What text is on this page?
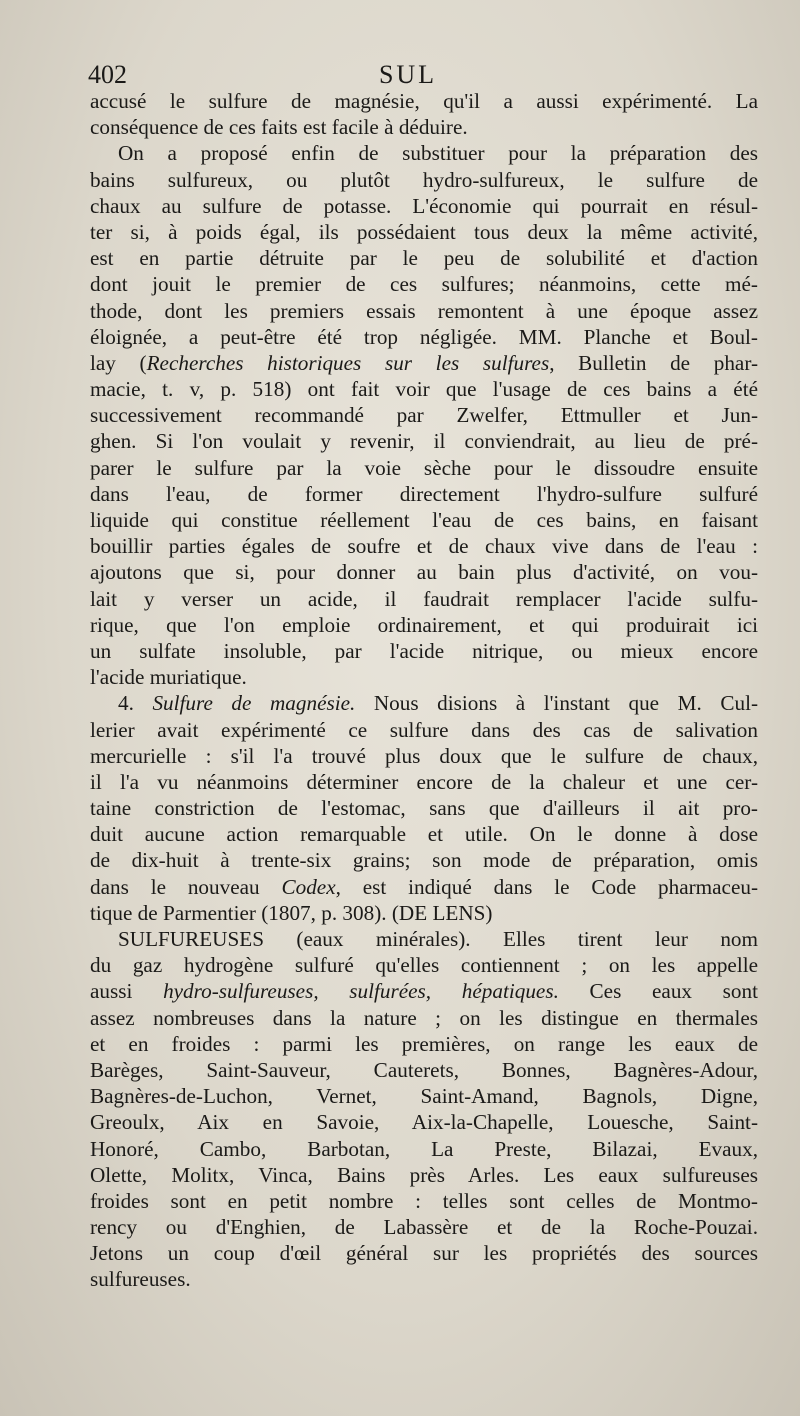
402	SUL
accusé le sulfure de magnésie, qu'il a aussi expérimenté. La
conséquence de ces faits est facile à déduire.
On a proposé enfin de substituer pour la préparation des
bains sulfureux, ou plutôt hydro-sulfureux, le sulfure de
chaux au sulfure de potasse. L'économie qui pourrait en résul-
ter si, à poids égal, ils possédaient tous deux la même activité,
est en partie détruite par le peu de solubilité et d'action
dont jouit le premier de ces sulfures; néanmoins, cette mé-
thode, dont les premiers essais remontent à une époque assez
éloignée, a peut-être été trop négligée. MM. Planche et Boul-
lay (Recherches historiques sur les sulfures, Bulletin de phar-
macie, t. v, p. 518) ont fait voir que l'usage de ces bains a été
successivement recommandé par Zwelfer, Ettmuller et Jun-
ghen. Si l'on voulait y revenir, il conviendrait, au lieu de pré-
parer le sulfure par la voie sèche pour le dissoudre ensuite
dans l'eau, de former directement l'hydro-sulfure sulfuré
liquide qui constitue réellement l'eau de ces bains, en faisant
bouillir parties égales de soufre et de chaux vive dans de l'eau :
ajoutons que si, pour donner au bain plus d'activité, on vou-
lait y verser un acide, il faudrait remplacer l'acide sulfu-
rique, que l'on emploie ordinairement, et qui produirait ici
un sulfate insoluble, par l'acide nitrique, ou mieux encore
l'acide muriatique.
4. Sulfure de magnésie. Nous disions à l'instant que M. Cul-
lerier avait expérimenté ce sulfure dans des cas de salivation
mercurielle : s'il l'a trouvé plus doux que le sulfure de chaux,
il l'a vu néanmoins déterminer encore de la chaleur et une cer-
taine constriction de l'estomac, sans que d'ailleurs il ait pro-
duit aucune action remarquable et utile. On le donne à dose
de dix-huit à trente-six grains; son mode de préparation, omis
dans le nouveau Codex, est indiqué dans le Code pharmaceu-
tique de Parmentier (1807, p. 308). (DE LENS)
SULFUREUSES (eaux minérales). Elles tirent leur nom
du gaz hydrogène sulfuré qu'elles contiennent ; on les appelle
aussi hydro-sulfureuses, sulfurées, hépatiques. Ces eaux sont
assez nombreuses dans la nature ; on les distingue en thermales
et en froides : parmi les premières, on range les eaux de
Barèges, Saint-Sauveur, Cauterets, Bonnes, Bagnères-Adour,
Bagnères-de-Luchon, Vernet, Saint-Amand, Bagnols, Digne,
Greoulx, Aix en Savoie, Aix-la-Chapelle, Louesche, Saint-
Honoré, Cambo, Barbotan, La Preste, Bilazai, Evaux,
Olette, Molitx, Vinca, Bains près Arles. Les eaux sulfureuses
froides sont en petit nombre : telles sont celles de Montmo-
rency ou d'Enghien, de Labassère et de la Roche-Pouzai.
Jetons un coup d'œil général sur les propriétés des sources
sulfureuses.
